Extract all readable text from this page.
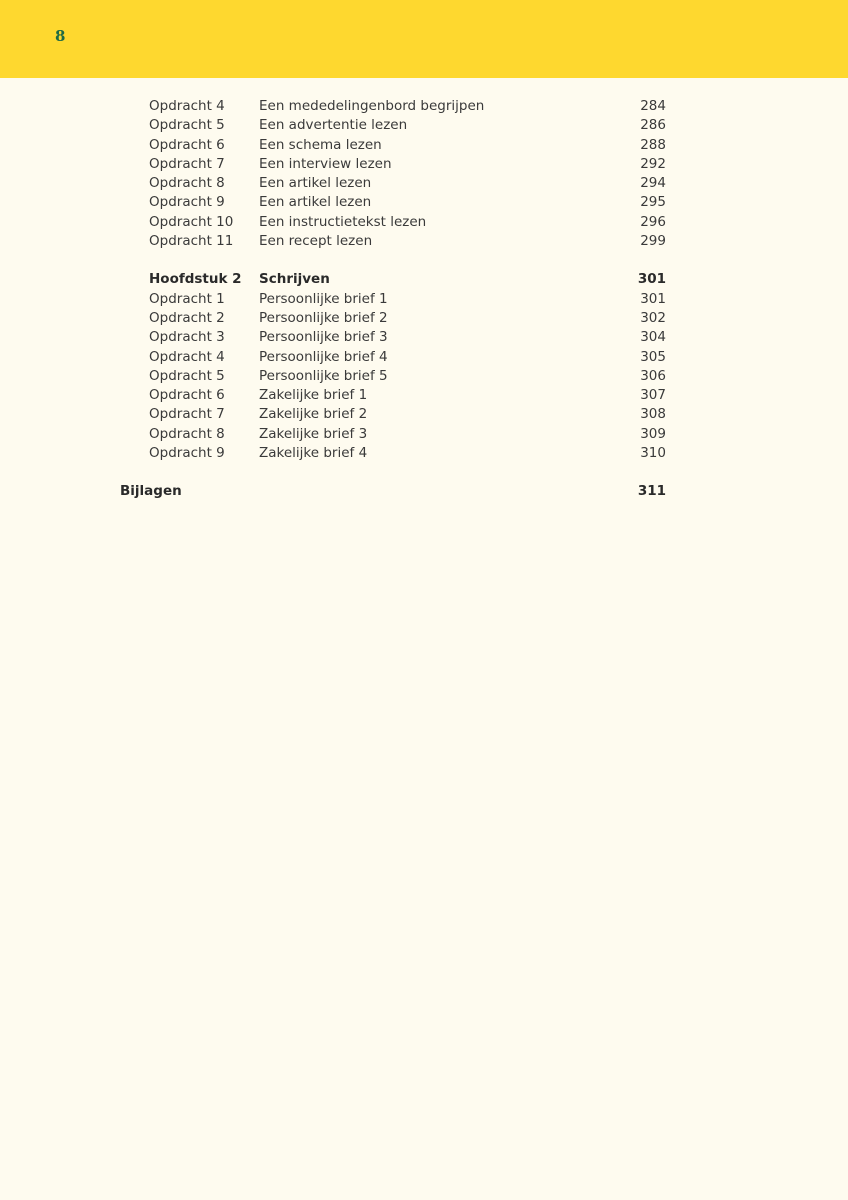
8
Opdracht 4	Een mededelingenbord begrijpen	284
Opdracht 5	Een advertentie lezen	286
Opdracht 6	Een schema lezen	288
Opdracht 7	Een interview lezen	292
Opdracht 8	Een artikel lezen	294
Opdracht 9	Een artikel lezen	295
Opdracht 10 Een instructietekst lezen	296
Opdracht 11 Een recept lezen	299
Hoofdstuk 2 Schrijven	301
Opdracht 1	Persoonlijke brief 1	301
Opdracht 2	Persoonlijke brief 2	302
Opdracht 3	Persoonlijke brief 3	304
Opdracht 4	Persoonlijke brief 4	305
Opdracht 5	Persoonlijke brief 5	306
Opdracht 6	Zakelijke brief 1	307
Opdracht 7	Zakelijke brief 2	308
Opdracht 8	Zakelijke brief 3	309
Opdracht 9	Zakelijke brief 4	310
Bijlagen	311
